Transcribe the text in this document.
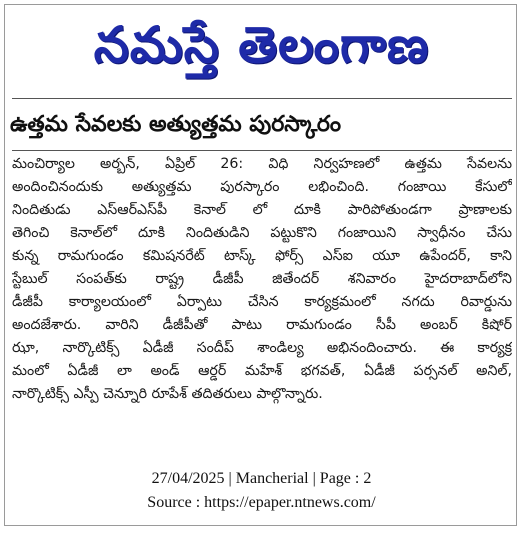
నమస్తే తెలంగాణ
ఉత్తమ సేవలకు అత్యుత్తమ పురస్కారం
మంచిర్యాల అర్బన్, ఏప్రిల్ 26: విధి నిర్వహణలో ఉత్తమ సేవలను
అందించినందుకు అత్యుత్తమ పురస్కారం లభించింది. గంజాయి కేసులో
నిందితుడు ఎస్‌ఆర్‌ఎస్‌పీ కెనాల్ లో దూకి పారిపోతుండగా ప్రాణాలకు
తెగించి కెనాల్‌లో దూకి నిందితుడిని పట్టుకొని గంజాయిని స్వాధీనం చేసు
కున్న రామగుండం కమిషనరేట్ టాస్క్ ఫోర్స్ ఎస్ఐ యూ ఉపేందర్, కాని
స్టేబుల్ సంపత్‌కు రాష్ట్ర డీజీపీ జితేందర్ శనివారం హైదరాబాద్‌లోని
డీజీపీ కార్యాలయంలో ఏర్పాటు చేసిన కార్యక్రమంలో నగదు రివార్డును
అందజేశారు. వారిని డీజీపీతో పాటు రామగుండం సీపీ అంబర్ కిషోర్
ఝా, నార్కొటిక్స్ ఏడీజీ సందీప్ శాండిల్య అభినందించారు. ఈ కార్యక్ర
మంలో ఏడీజీ లా అండ్ ఆర్డర్ మహేశ్ భగవత్, ఏడీజీ పర్సనల్ అనిల్,
నార్కొటిక్స్ ఎస్పీ చెన్నూరి రూపేశ్ తదితరులు పాల్గొన్నారు.
27/04/2025 | Mancherial | Page : 2
Source : https://epaper.ntnews.com/
